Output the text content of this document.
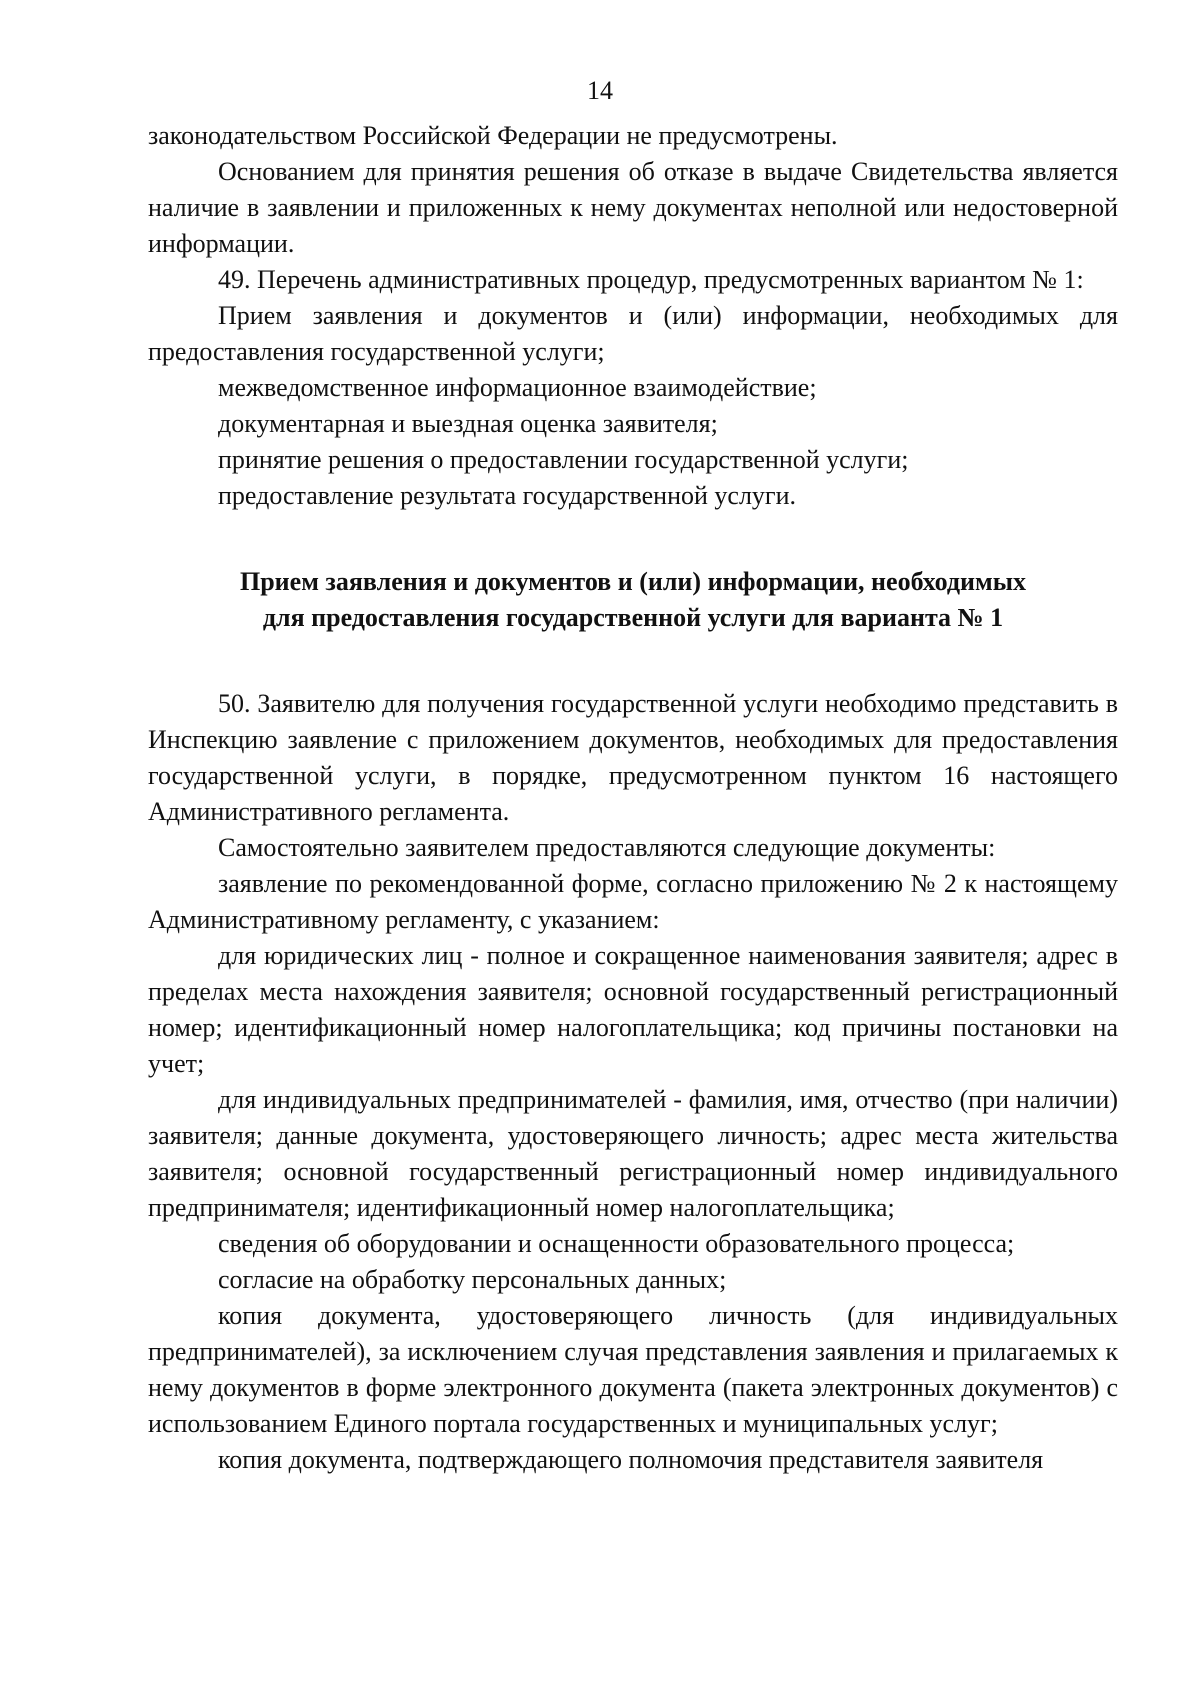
14

законодательством Российской Федерации не предусмотрены.

Основанием для принятия решения об отказе в выдаче Свидетельства является наличие в заявлении и приложенных к нему документах неполной или недостоверной информации.

49. Перечень административных процедур, предусмотренных вариантом № 1:

Прием заявления и документов и (или) информации, необходимых для предоставления государственной услуги;

межведомственное информационное взаимодействие;

документарная и выездная оценка заявителя;

принятие решения о предоставлении государственной услуги;

предоставление результата государственной услуги.

Прием заявления и документов и (или) информации, необходимых

для предоставления государственной услуги для варианта № 1

50. Заявителю для получения государственной услуги необходимо представить в Инспекцию заявление с приложением документов, необходимых для предоставления государственной услуги, в порядке, предусмотренном пунктом 16 настоящего Административного регламента.

Самостоятельно заявителем предоставляются следующие документы:

заявление по рекомендованной форме, согласно приложению № 2 к настоящему Административному регламенту, с указанием:

для юридических лиц - полное и сокращенное наименования заявителя; адрес в пределах места нахождения заявителя; основной государственный регистрационный номер; идентификационный номер налогоплательщика; код причины постановки на учет;

для индивидуальных предпринимателей - фамилия, имя, отчество (при наличии) заявителя; данные документа, удостоверяющего личность; адрес места жительства заявителя; основной государственный регистрационный номер индивидуального предпринимателя; идентификационный номер налогоплательщика;

сведения об оборудовании и оснащенности образовательного процесса;

согласие на обработку персональных данных;

копия документа, удостоверяющего личность (для индивидуальных предпринимателей), за исключением случая представления заявления и прилагаемых к нему документов в форме электронного документа (пакета электронных документов) с использованием Единого портала государственных и муниципальных услуг;

копия документа, подтверждающего полномочия представителя заявителя
